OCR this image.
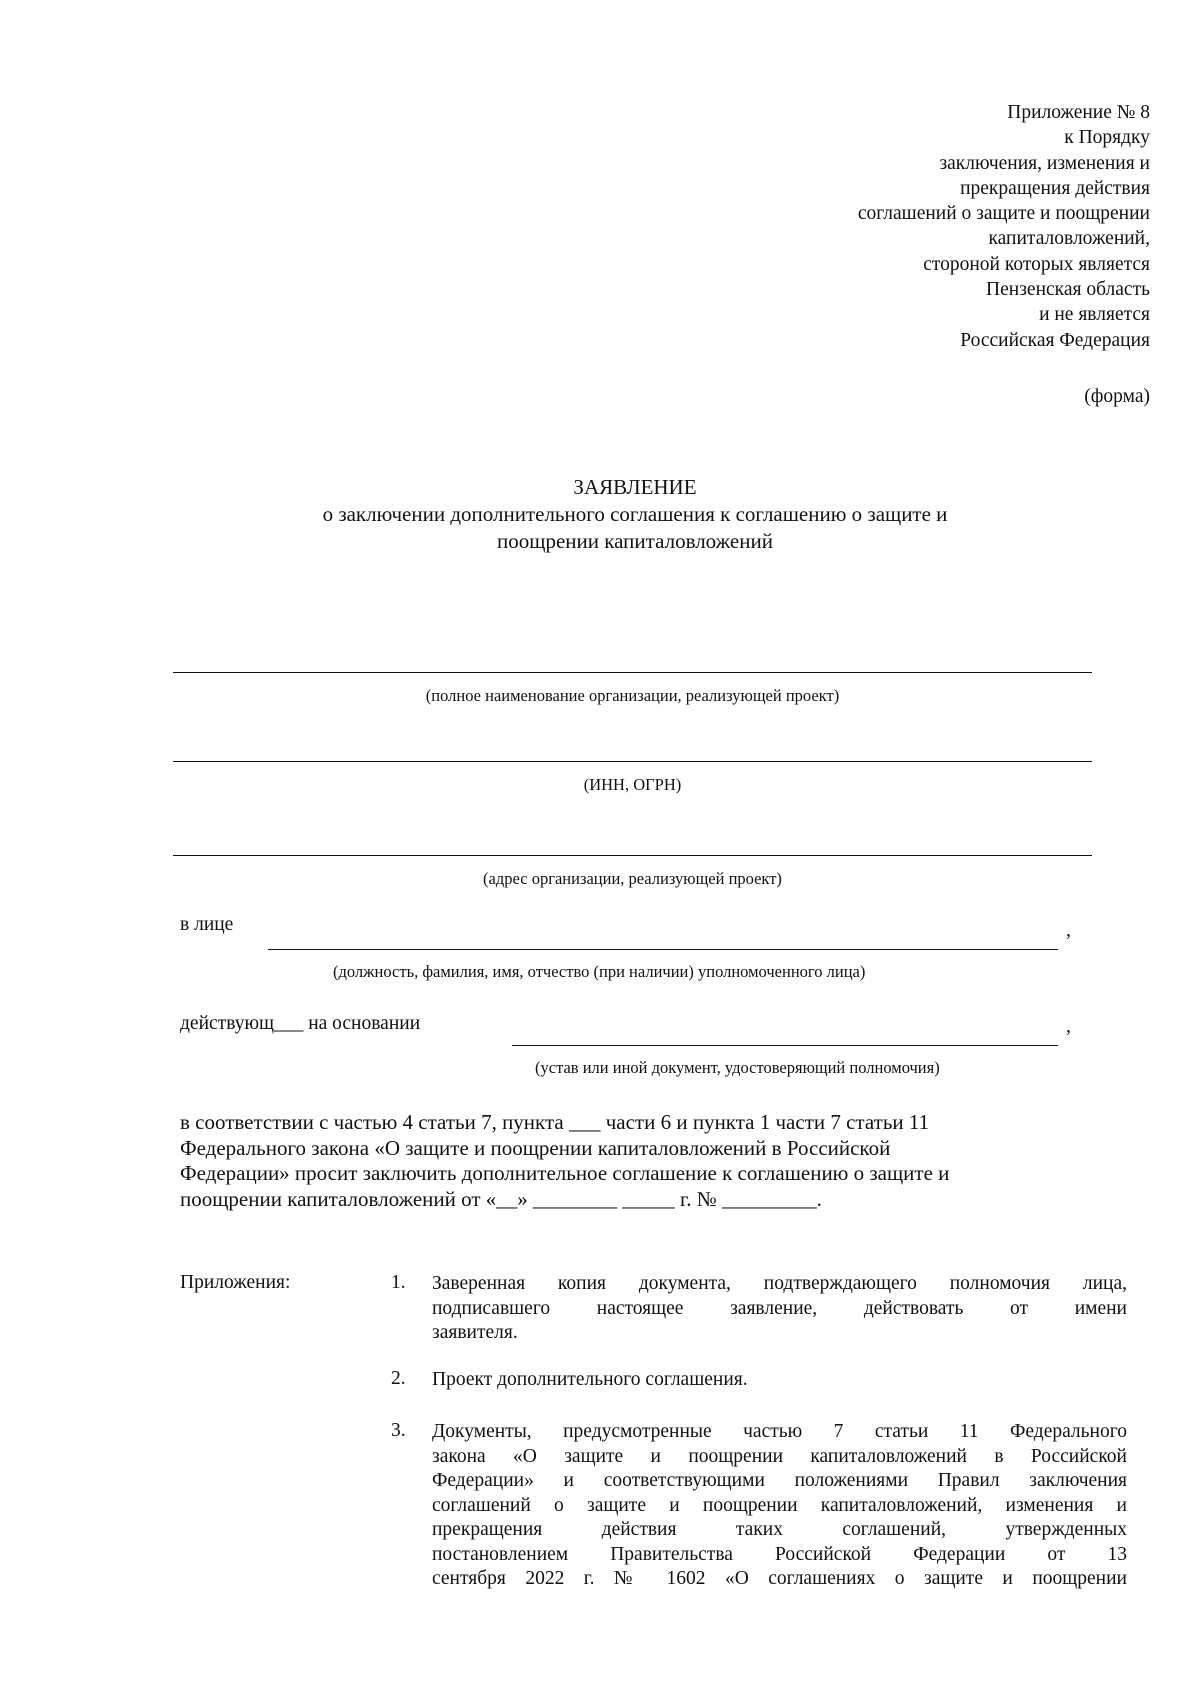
Приложение № 8
к Порядку
заключения, изменения и
прекращения действия
соглашений о защите и поощрении
капиталовложений,
стороной которых является
Пензенская область
и не является
Российская Федерация
(форма)
ЗАЯВЛЕНИЕ
о заключении дополнительного соглашения к соглашению о защите и
поощрении капиталовложений
(полное наименование организации, реализующей проект)
(ИНН, ОГРН)
(адрес организации, реализующей проект)
в лице	,
(должность, фамилия, имя, отчество (при наличии) уполномоченного лица)
действующ___ на основании	,
(устав или иной документ, удостоверяющий полномочия)
в соответствии с частью 4 статьи 7, пункта ___ части 6 и пункта 1 части 7 статьи 11
Федерального закона «О защите и поощрении капиталовложений в Российской
Федерации» просит заключить дополнительное соглашение к соглашению о защите и
поощрении капиталовложений от «__» ________ _____ г. № _________.
Приложения:	1. Заверенная копия документа, подтверждающего полномочия лица,
подписавшего настоящее заявление, действовать от имени
заявителя.
2. Проект дополнительного соглашения.
3. Документы, предусмотренные частью 7 статьи 11 Федерального
закона «О защите и поощрении капиталовложений в Российской
Федерации» и соответствующими положениями Правил заключения
соглашений о защите и поощрении капиталовложений, изменения и
прекращения действия таких соглашений, утвержденных
постановлением Правительства Российской Федерации от 13
сентября 2022 г. № 1602 «О соглашениях о защите и поощрении
